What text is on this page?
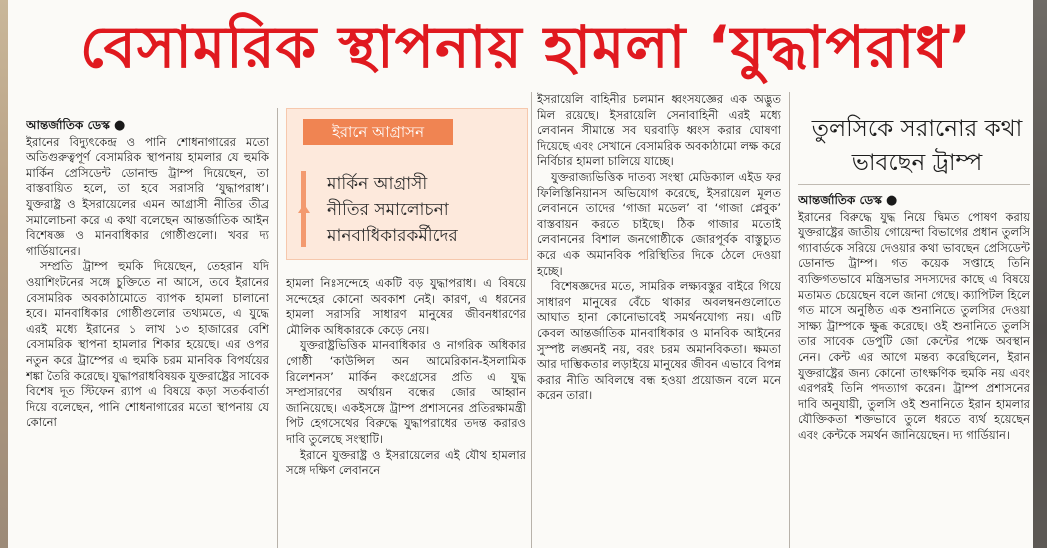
বেসামরিক স্থাপনায় হামলা ‘যুদ্ধাপরাধ’
ইরানে আগ্রাসন
মার্কিন আগ্রাসী
নীতির সমালোচনা
মানবাধিকারকর্মীদের
আন্তর্জাতিক ডেস্ক ●

ইরানের বিদ্যুৎকেন্দ্র ও পানি শোধনাগারের মতো অতিগুরুত্বপূর্ণ বেসামরিক স্থাপনায় হামলার যে হুমকি মার্কিন প্রেসিডেন্ট ডোনাল্ড ট্রাম্প দিয়েছেন, তা বাস্তবায়িত হলে, তা হবে সরাসরি ‘যুদ্ধাপরাধ’। যুক্তরাষ্ট্র ও ইসরায়েলের এমন আগ্রাসী নীতির তীব্র সমালোচনা করে এ কথা বলেছেন আন্তর্জাতিক আইন বিশেষজ্ঞ ও মানবাধিকার গোষ্ঠীগুলো। খবর দ্য গার্ডিয়ানের।

সম্প্রতি ট্রাম্প হুমকি দিয়েছেন, তেহরান যদি ওয়াশিংটনের সঙ্গে চুক্তিতে না আসে, তবে ইরানের বেসামরিক অবকাঠামোতে ব্যাপক হামলা চালানো হবে। মানবাধিকার গোষ্ঠীগুলোর তথ্যমতে, এ যুদ্ধে এরই মধ্যে ইরানের ১ লাখ ১৩ হাজারের বেশি বেসামরিক স্থাপনা হামলার শিকার হয়েছে। এর ওপর নতুন করে ট্রাম্পের এ হুমকি চরম মানবিক বিপর্যয়ের শঙ্কা তৈরি করেছে। যুদ্ধাপরাধবিষয়ক যুক্তরাষ্ট্রের সাবেক বিশেষ দূত স্টিফেন র‍্যাপ এ বিষয়ে কড়া সতর্কবার্তা দিয়ে বলেছেন, পানি শোধনাগারের মতো স্থাপনায় যে কোনো

হামলা নিঃসন্দেহে একটি বড় যুদ্ধাপরাধ। এ বিষয়ে সন্দেহের কোনো অবকাশ নেই। কারণ, এ ধরনের হামলা সরাসরি সাধারণ মানুষের জীবনধারণের মৌলিক অধিকারকে কেড়ে নেয়।

যুক্তরাষ্ট্রভিত্তিক মানবাধিকার ও নাগরিক অধিকার গোষ্ঠী ‘কাউন্সিল অন আমেরিকান-ইসলামিক রিলেশনস’ মার্কিন কংগ্রেসের প্রতি এ যুদ্ধ সম্প্রসারণের অর্থায়ন বন্ধের জোর আহ্বান জানিয়েছে। একইসঙ্গে ট্রাম্প প্রশাসনের প্রতিরক্ষামন্ত্রী পিট হেগসেথের বিরুদ্ধে যুদ্ধাপরাধের তদন্ত করারও দাবি তুলেছে সংস্থাটি।

ইরানে যুক্তরাষ্ট্র ও ইসরায়েলের এই যৌথ হামলার সঙ্গে দক্ষিণ লেবাননে

ইসরায়েলি বাহিনীর চলমান ধ্বংসযজ্ঞের এক অদ্ভুত মিল রয়েছে। ইসরায়েলি সেনাবাহিনী এরই মধ্যে লেবানন সীমান্তে সব ঘরবাড়ি ধ্বংস করার ঘোষণা দিয়েছে এবং সেখানে বেসামরিক অবকাঠামো লক্ষ করে নির্বিচার হামলা চালিয়ে যাচ্ছে।

যুক্তরাজ্যভিত্তিক দাতব্য সংস্থা মেডিক্যাল এইড ফর ফিলিস্তিনিয়ানস অভিযোগ করেছে, ইসরায়েল মূলত লেবাননে তাদের ‘গাজা মডেল’ বা ‘গাজা প্লেবুক’ বাস্তবায়ন করতে চাইছে। ঠিক গাজার মতোই লেবাননের বিশাল জনগোষ্ঠীকে জোরপূর্বক বাস্তুচ্যুত করে এক অমানবিক পরিস্থিতির দিকে ঠেলে দেওয়া হচ্ছে।

বিশেষজ্ঞদের মতে, সামরিক লক্ষ্যবস্তুর বাইরে গিয়ে সাধারণ মানুষের বেঁচে থাকার অবলম্বনগুলোতে আঘাত হানা কোনোভাবেই সমর্থনযোগ্য নয়। এটি কেবল আন্তর্জাতিক মানবাধিকার ও মানবিক আইনের সুস্পষ্ট লঙ্ঘনই নয়, বরং চরম অমানবিকতা। ক্ষমতা আর দাম্ভিকতার লড়াইয়ে মানুষের জীবন এভাবে বিপন্ন করার নীতি অবিলম্বে বন্ধ হওয়া প্রয়োজন বলে মনে করেন তারা।

তুলসিকে সরানোর কথা ভাবছেন ট্রাম্প
আন্তর্জাতিক ডেস্ক ●

ইরানের বিরুদ্ধে যুদ্ধ নিয়ে দ্বিমত পোষণ করায় যুক্তরাষ্ট্রের জাতীয় গোয়েন্দা বিভাগের প্রধান তুলসি গ্যাবার্ডকে সরিয়ে দেওয়ার কথা ভাবছেন প্রেসিডেন্ট ডোনাল্ড ট্রাম্প। গত কয়েক সপ্তাহে তিনি ব্যক্তিগতভাবে মন্ত্রিসভার সদস্যদের কাছে এ বিষয়ে মতামত চেয়েছেন বলে জানা গেছে। ক্যাপিটল হিলে গত মাসে অনুষ্ঠিত এক শুনানিতে তুলসির দেওয়া সাক্ষ্য ট্রাম্পকে ক্ষুব্ধ করেছে। ওই শুনানিতে তুলসি তার সাবেক ডেপুটি জো কেন্টের পক্ষে অবস্থান নেন। কেন্ট এর আগে মন্তব্য করেছিলেন, ইরান যুক্তরাষ্ট্রের জন্য কোনো তাৎক্ষণিক হুমকি নয় এবং এরপরই তিনি পদত্যাগ করেন। ট্রাম্প প্রশাসনের দাবি অনুযায়ী, তুলসি ওই শুনানিতে ইরান হামলার যৌক্তিকতা শক্তভাবে তুলে ধরতে ব্যর্থ হয়েছেন এবং কেন্টকে সমর্থন জানিয়েছেন। দ্য গার্ডিয়ান।
